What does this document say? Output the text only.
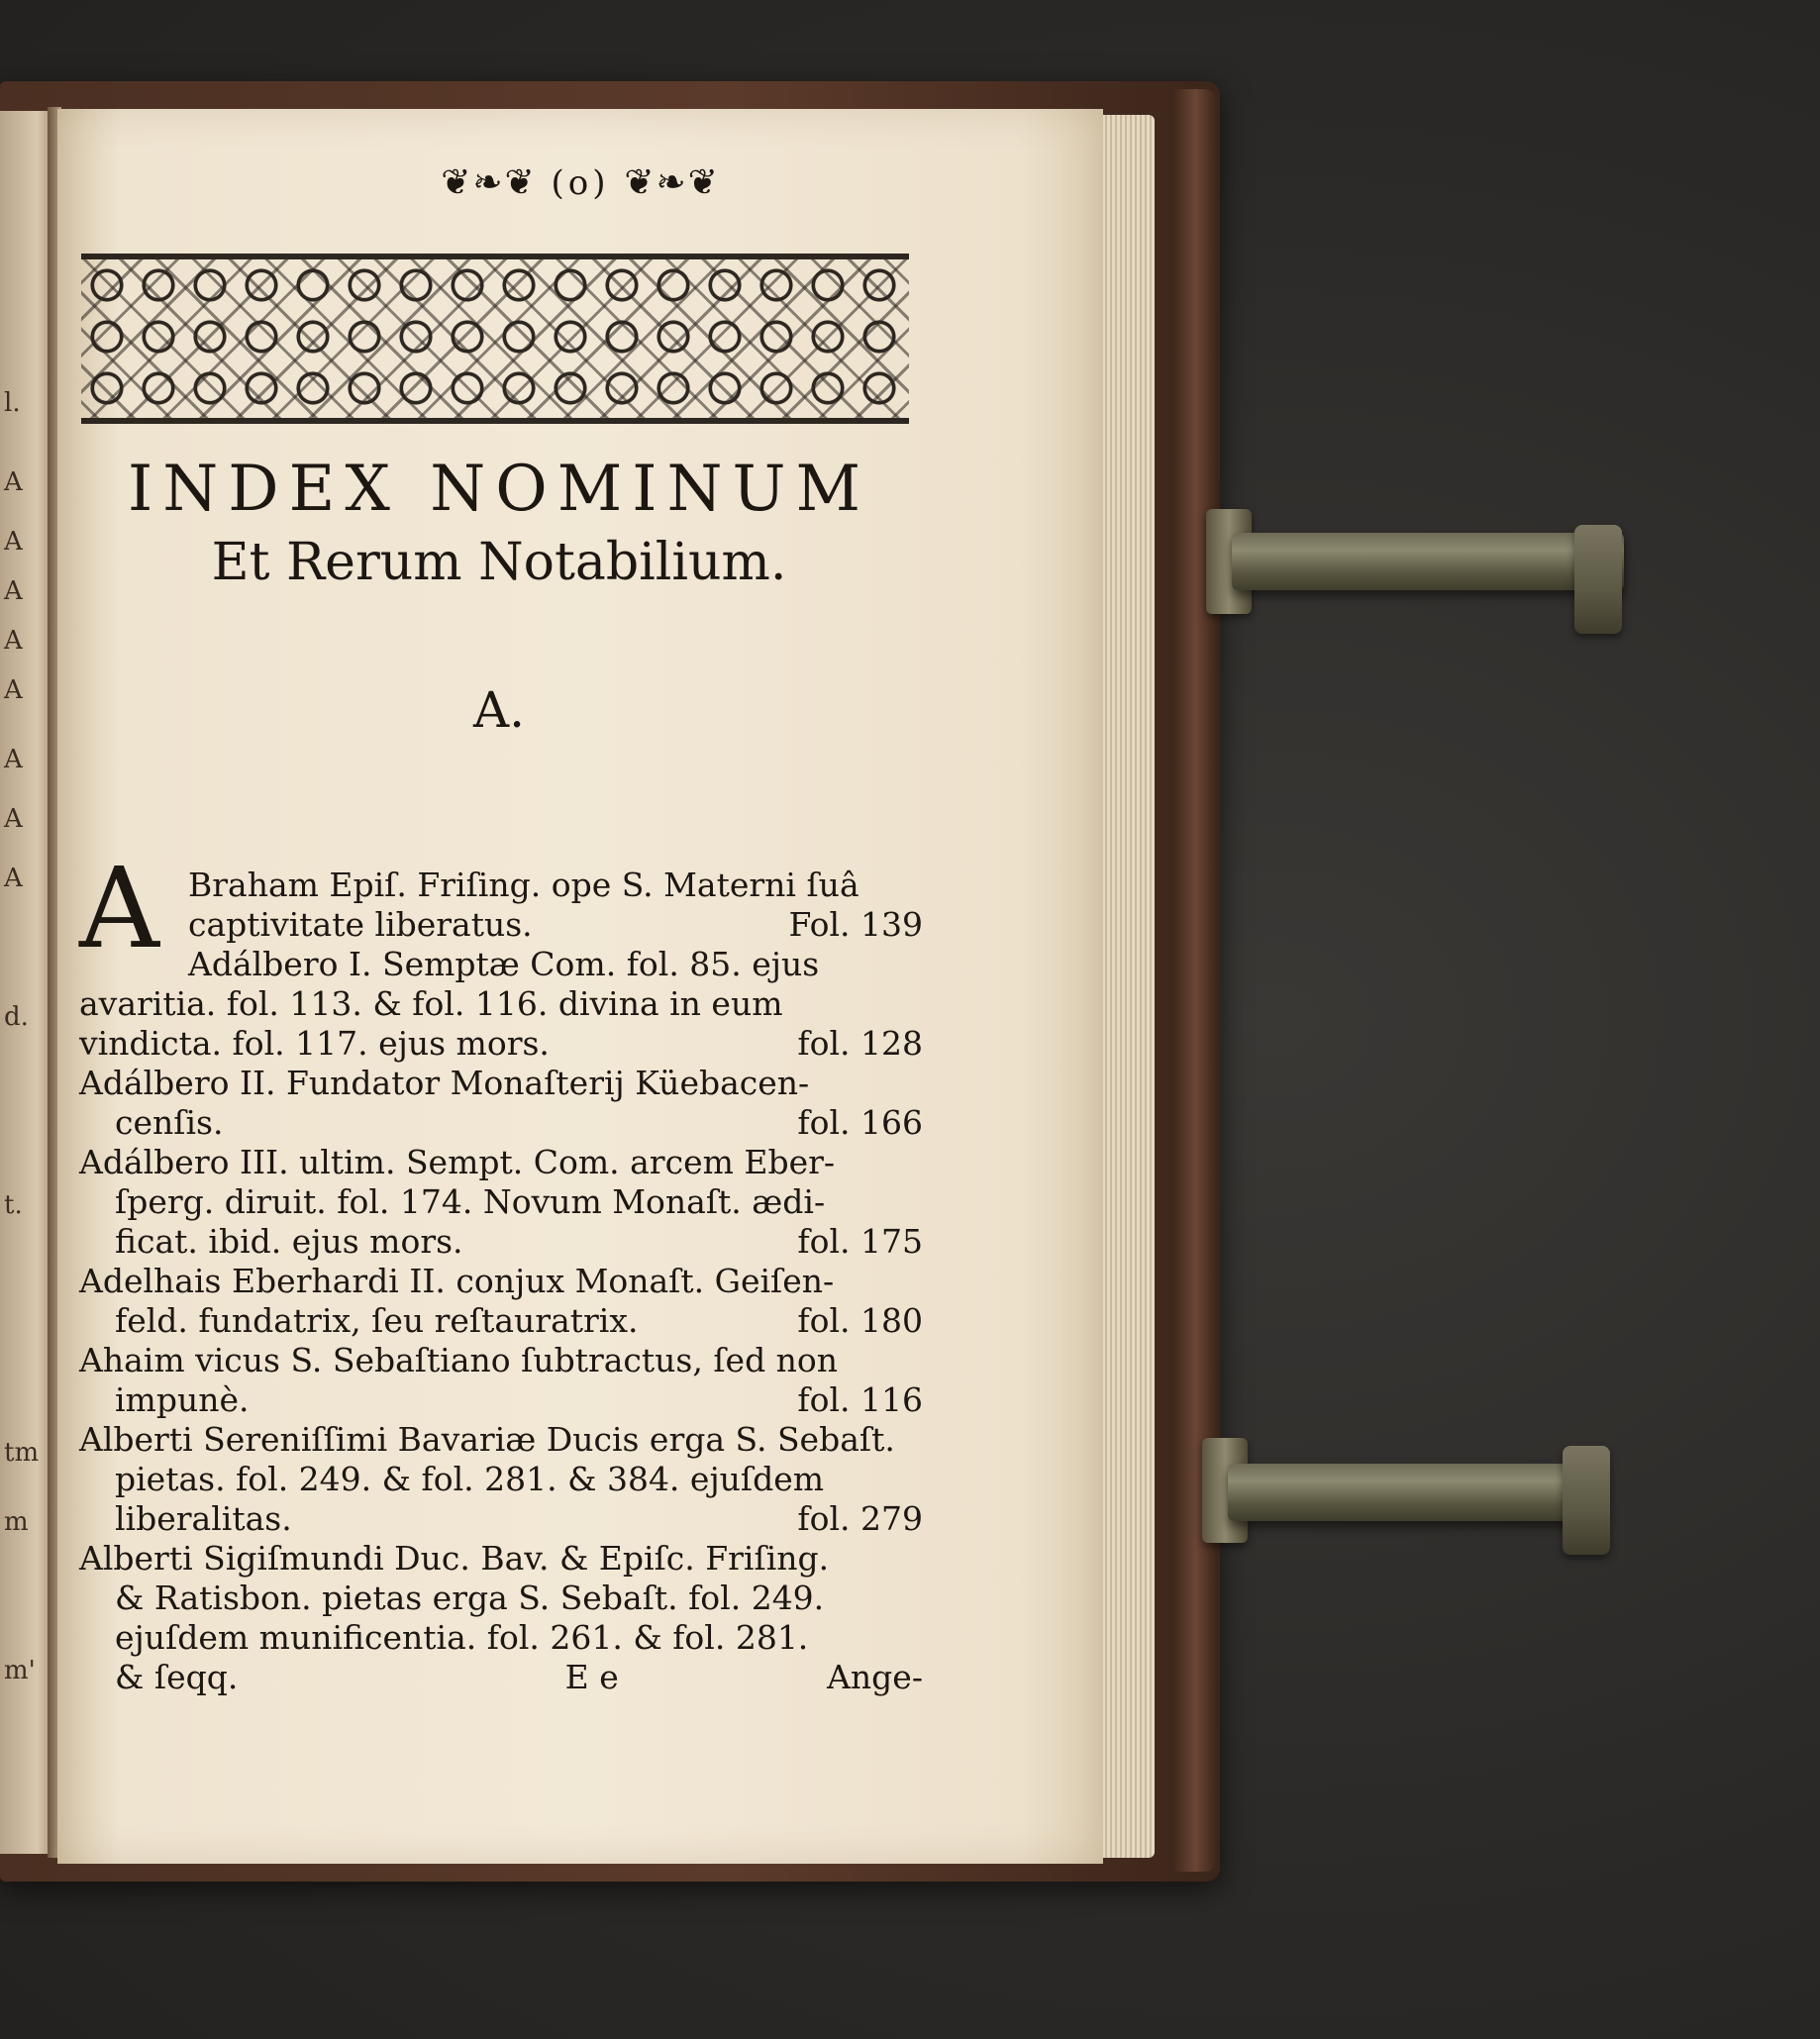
l.
A
A
A
A
A
A
A
A
d.
t.
tm
m
m'
❦❧❦ (o) ❦❧❦
INDEX NOMINUM
Et Rerum Notabilium.
A.
A Braham Epiſ. Friſing. ope S. Materni ſuâ
captivitate liberatus.	Fol. 139
Adálbero I. Semptæ Com. fol. 85. ejus
avaritia. fol. 113. & fol. 116. divina in eum
vindicta. fol. 117. ejus mors.	fol. 128
Adálbero II. Fundator Monaſterij Küebacen-
cenſis.	fol. 166
Adálbero III. ultim. Sempt. Com. arcem Eber-
ſperg. diruit. fol. 174. Novum Monaſt. ædi-
ficat. ibid. ejus mors.	fol. 175
Adelhais Eberhardi II. conjux Monaſt. Geiſen-
feld. fundatrix, ſeu reſtauratrix.	fol. 180
Ahaim vicus S. Sebaſtiano ſubtractus, ſed non
impunè.	fol. 116
Alberti Sereniſſimi Bavariæ Ducis erga S. Sebaſt.
pietas. fol. 249. & fol. 281. & 384. ejuſdem
liberalitas.	fol. 279
Alberti Sigiſmundi Duc. Bav. & Epiſc. Friſing.
& Ratisbon. pietas erga S. Sebaſt. fol. 249.
ejuſdem munificentia. fol. 261. & fol. 281.
& ſeqq.	E e	Ange-
